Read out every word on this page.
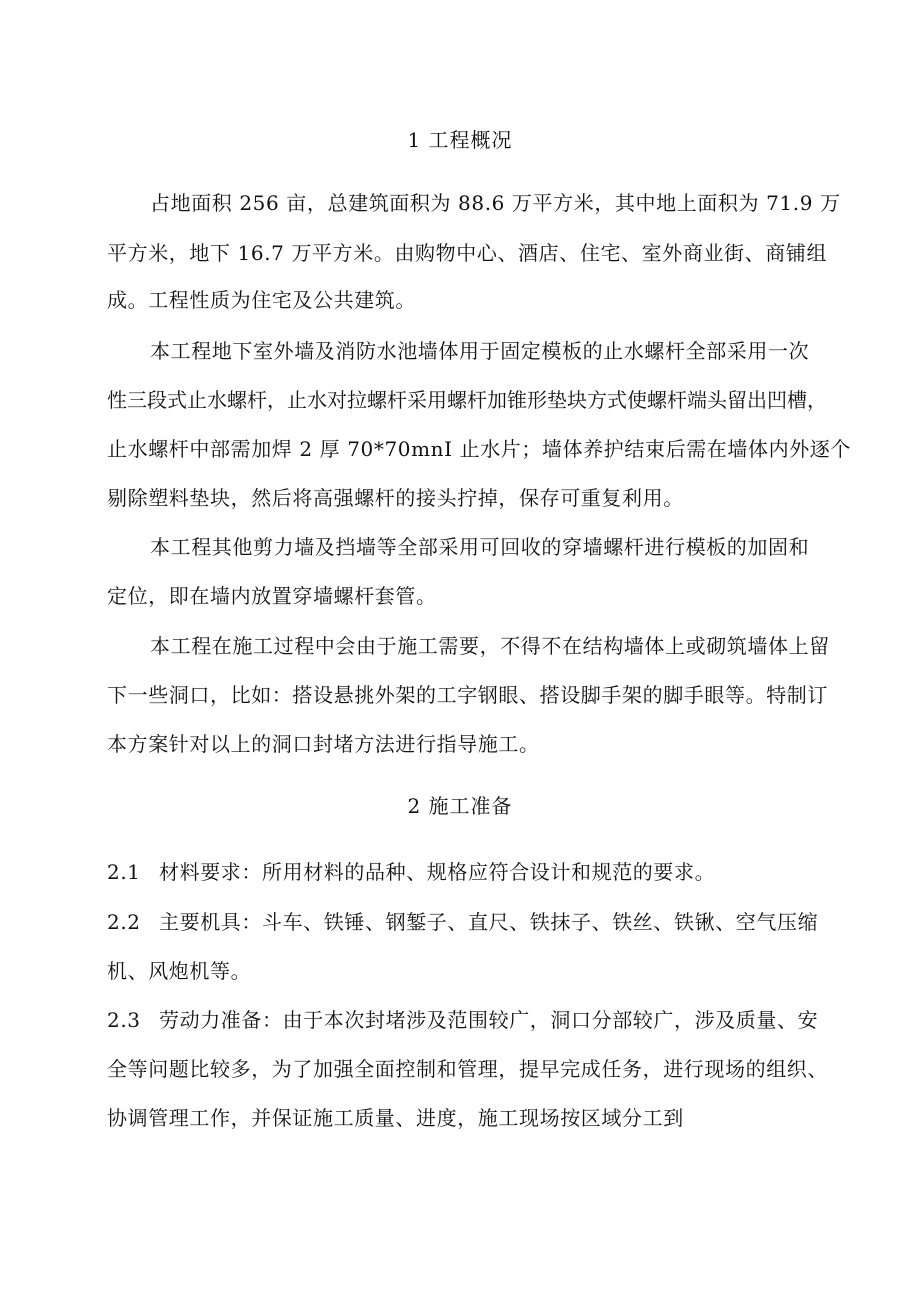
1 工程概况
占地面积 256 亩，总建筑面积为 88.6 万平方米，其中地上面积为 71.9 万
平方米，地下 16.7 万平方米。由购物中心、酒店、住宅、室外商业街、商铺组
成。工程性质为住宅及公共建筑。
本工程地下室外墙及消防水池墙体用于固定模板的止水螺杆全部采用一次
性三段式止水螺杆，止水对拉螺杆采用螺杆加锥形垫块方式使螺杆端头留出凹槽，
止水螺杆中部需加焊 2 厚 70*70mnI 止水片；墙体养护结束后需在墙体内外逐个
剔除塑料垫块，然后将高强螺杆的接头拧掉，保存可重复利用。
本工程其他剪力墙及挡墙等全部采用可回收的穿墙螺杆进行模板的加固和
定位，即在墙内放置穿墙螺杆套管。
本工程在施工过程中会由于施工需要，不得不在结构墙体上或砌筑墙体上留
下一些洞口，比如：搭设悬挑外架的工字钢眼、搭设脚手架的脚手眼等。特制订
本方案针对以上的洞口封堵方法进行指导施工。
2 施工准备
2.1 材料要求：所用材料的品种、规格应符合设计和规范的要求。
2.2 主要机具：斗车、铁锤、钢錾子、直尺、铁抹子、铁丝、铁锹、空气压缩
机、风炮机等。
2.3 劳动力准备：由于本次封堵涉及范围较广，洞口分部较广，涉及质量、安
全等问题比较多，为了加强全面控制和管理，提早完成任务，进行现场的组织、
协调管理工作，并保证施工质量、进度，施工现场按区域分工到
